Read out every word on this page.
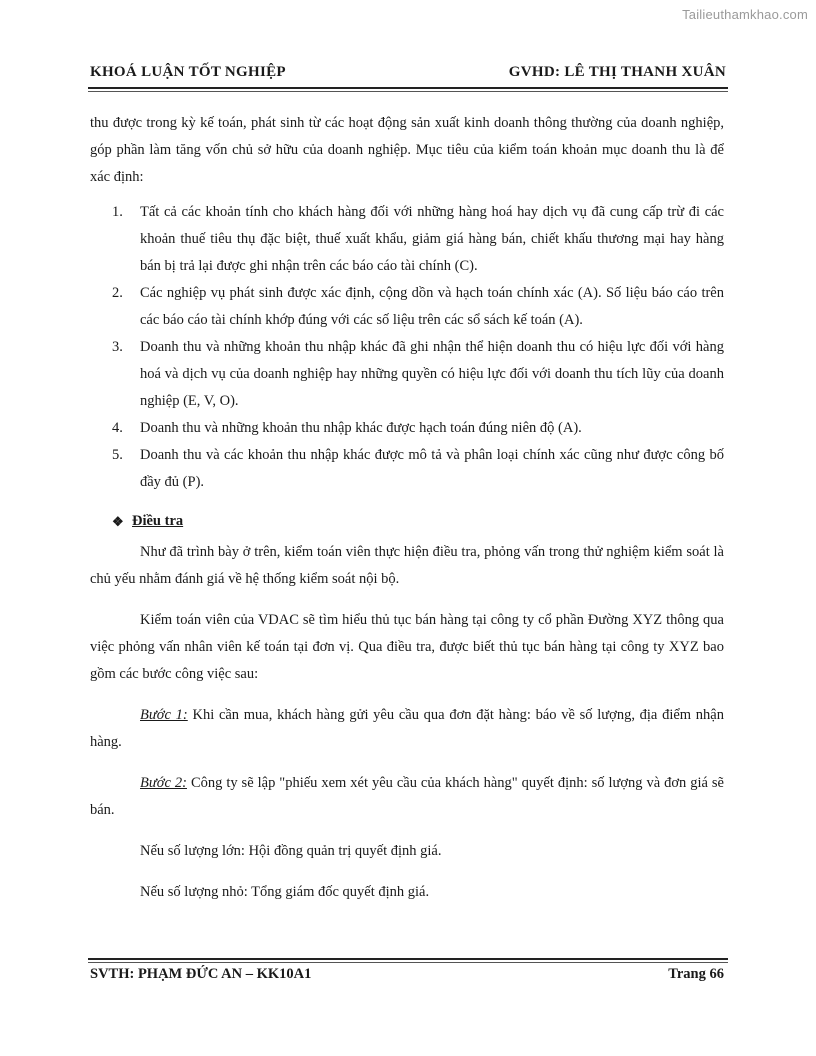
Tailieuthamkhao.com
KHOÁ LUẬN TỐT NGHIỆP	GVHD: LÊ THỊ THANH XUÂN

thu được trong kỳ kế toán, phát sinh từ các hoạt động sản xuất kinh doanh thông thường của doanh nghiệp, góp phần làm tăng vốn chủ sở hữu của doanh nghiệp. Mục tiêu của kiểm toán khoản mục doanh thu là để xác định:

1. Tất cả các khoản tính cho khách hàng đối với những hàng hoá hay dịch vụ đã cung cấp trừ đi các khoản thuế tiêu thụ đặc biệt, thuế xuất khẩu, giảm giá hàng bán, chiết khấu thương mại hay hàng bán bị trả lại được ghi nhận trên các báo cáo tài chính (C).
2. Các nghiệp vụ phát sinh được xác định, cộng dồn và hạch toán chính xác (A). Số liệu báo cáo trên các báo cáo tài chính khớp đúng với các số liệu trên các sổ sách kế toán (A).
3. Doanh thu và những khoản thu nhập khác đã ghi nhận thể hiện doanh thu có hiệu lực đối với hàng hoá và dịch vụ của doanh nghiệp hay những quyền có hiệu lực đối với doanh thu tích lũy của doanh nghiệp (E, V, O).
4. Doanh thu và những khoản thu nhập khác được hạch toán đúng niên độ (A).
5. Doanh thu và các khoản thu nhập khác được mô tả và phân loại chính xác cũng như được công bố đầy đủ (P).

❖ Điều tra

Như đã trình bày ở trên, kiểm toán viên thực hiện điều tra, phỏng vấn trong thử nghiệm kiểm soát là chủ yếu nhằm đánh giá về hệ thống kiểm soát nội bộ.

Kiểm toán viên của VDAC sẽ tìm hiểu thủ tục bán hàng tại công ty cổ phần Đường XYZ thông qua việc phỏng vấn nhân viên kế toán tại đơn vị. Qua điều tra, được biết thủ tục bán hàng tại công ty XYZ bao gồm các bước công việc sau:

Bước 1: Khi cần mua, khách hàng gửi yêu cầu qua đơn đặt hàng: báo về số lượng, địa điểm nhận hàng.

Bước 2: Công ty sẽ lập "phiếu xem xét yêu cầu của khách hàng" quyết định: số lượng và đơn giá sẽ bán.

Nếu số lượng lớn: Hội đồng quản trị quyết định giá.

Nếu số lượng nhỏ: Tổng giám đốc quyết định giá.

SVTH: PHẠM ĐỨC AN – KK10A1	Trang 66
